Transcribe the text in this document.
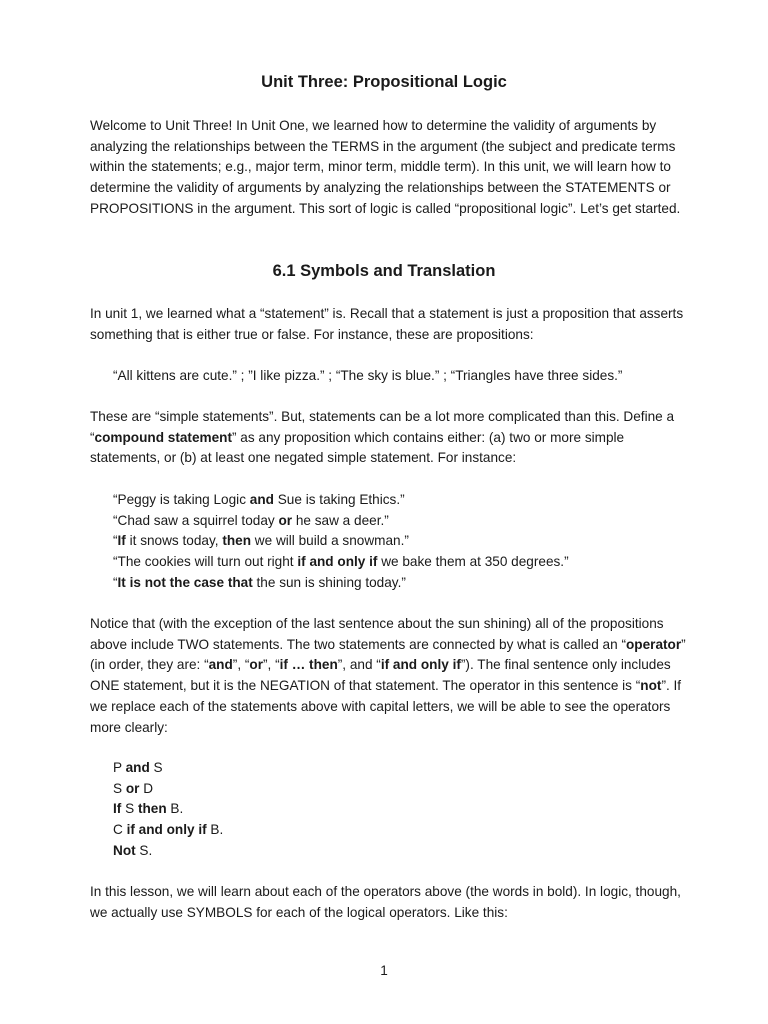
Unit Three: Propositional Logic

Welcome to Unit Three! In Unit One, we learned how to determine the validity of arguments by analyzing the relationships between the TERMS in the argument (the subject and predicate terms within the statements; e.g., major term, minor term, middle term). In this unit, we will learn how to determine the validity of arguments by analyzing the relationships between the STATEMENTS or PROPOSITIONS in the argument. This sort of logic is called “propositional logic”. Let’s get started.

6.1 Symbols and Translation

In unit 1, we learned what a “statement” is. Recall that a statement is just a proposition that asserts something that is either true or false. For instance, these are propositions:

“All kittens are cute.” ; ”I like pizza.” ; “The sky is blue.” ; “Triangles have three sides.”

These are “simple statements”. But, statements can be a lot more complicated than this. Define a “compound statement” as any proposition which contains either: (a) two or more simple statements, or (b) at least one negated simple statement. For instance:

“Peggy is taking Logic and Sue is taking Ethics.”
“Chad saw a squirrel today or he saw a deer.”
“If it snows today, then we will build a snowman.”
“The cookies will turn out right if and only if we bake them at 350 degrees.”
“It is not the case that the sun is shining today.”

Notice that (with the exception of the last sentence about the sun shining) all of the propositions above include TWO statements. The two statements are connected by what is called an “operator” (in order, they are: “and”, “or”, “if … then”, and “if and only if”). The final sentence only includes ONE statement, but it is the NEGATION of that statement. The operator in this sentence is “not”. If we replace each of the statements above with capital letters, we will be able to see the operators more clearly:

P and S
S or D
If S then B.
C if and only if B.
Not S.

In this lesson, we will learn about each of the operators above (the words in bold). In logic, though, we actually use SYMBOLS for each of the logical operators. Like this:

1
